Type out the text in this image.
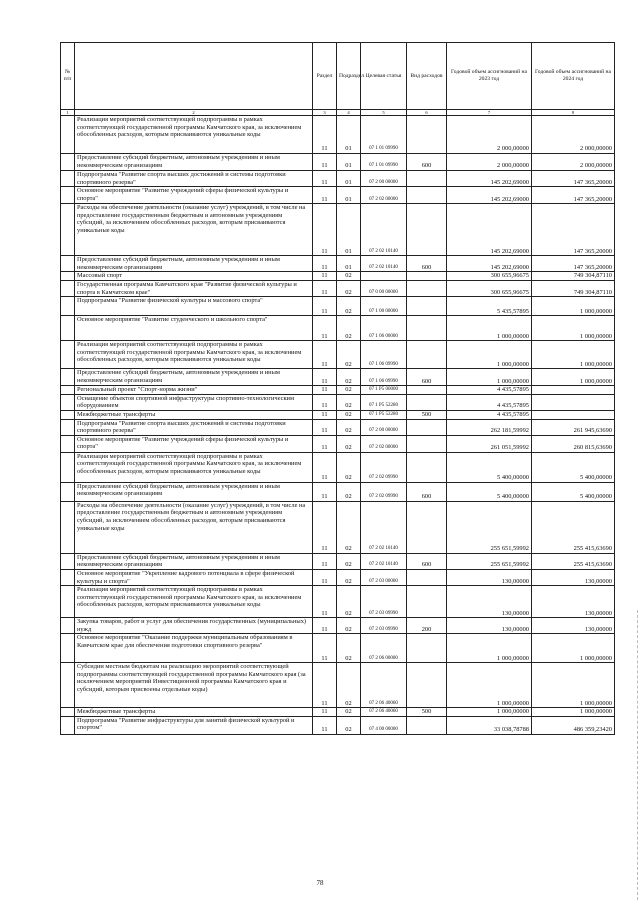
№ п/п		Раздел	Подраздел	Целевая статья	Вид расходов	Годовой объем ассигнований на 2023 год	Годовой объем ассигнований на 2024 год
1	2	3	4	5	6	7	8
	Реализация мероприятий соответствующей подпрограммы в рамках соответствующей государственной программы Камчатского края, за исключением обособленных расходов, которым присваиваются уникальные коды	11	01	07 1 01 09990		2 000,00000	2 000,00000
	Предоставление субсидий бюджетным, автономным учреждениям и иным некоммерческим организациям	11	01	07 1 01 09990	600	2 000,00000	2 000,00000
	Подпрограмма "Развитие спорта высших достижений и системы подготовки спортивного резерва"	11	01	07 2 00 00000		145 202,69000	147 365,20000
	Основное мероприятие "Развитие учреждений сферы физической культуры и спорта"	11	01	07 2 02 00000		145 202,69000	147 365,20000
	Расходы на обеспечение деятельности (оказание услуг) учреждений, в том числе на предоставление государственным бюджетным и автономным учреждениям субсидий, за исключением обособленных расходов, которым присваиваются уникальные коды	11	01	07 2 02 10140		145 202,69000	147 365,20000
	Предоставление субсидий бюджетным, автономным учреждениям и иным некоммерческим организациям	11	01	07 2 02 10140	600	145 202,69000	147 365,20000
	Массовый спорт	11	02			300 655,96675	749 304,87110
	Государственная программа Камчатского края "Развитие физической культуры и спорта в Камчатском крае"	11	02	07 0 00 00000		300 655,96675	749 304,87110
	Подпрограмма "Развитие физической культуры и массового спорта"	11	02	07 1 00 00000		5 435,57895	1 000,00000
	Основное мероприятие "Развитие студенческого и школьного спорта"	11	02	07 1 06 00000		1 000,00000	1 000,00000
	Реализация мероприятий соответствующей подпрограммы в рамках соответствующей государственной программы Камчатского края, за исключением обособленных расходов, которым присваиваются уникальные коды	11	02	07 1 06 09990		1 000,00000	1 000,00000
	Предоставление субсидий бюджетным, автономным учреждениям и иным некоммерческим организациям	11	02	07 1 06 09990	600	1 000,00000	1 000,00000
	Региональный проект "Спорт-норма жизни"	11	02	07 1 P5 00000		4 435,57895	
	Оснащение объектов спортивной инфраструктуры спортивно-технологическим оборудованием	11	02	07 1 P5 52280		4 435,57895	
	Межбюджетные трансферты	11	02	07 1 P5 52280	500	4 435,57895	
	Подпрограмма "Развитие спорта высших достижений и системы подготовки спортивного резерва"	11	02	07 2 00 00000		262 181,59992	261 945,63690
	Основное мероприятие "Развитие учреждений сферы физической культуры и спорта"	11	02	07 2 02 00000		261 051,59992	260 815,63690
	Реализация мероприятий соответствующей подпрограммы в рамках соответствующей государственной программы Камчатского края, за исключением обособленных расходов, которым присваиваются уникальные коды	11	02	07 2 02 09990		5 400,00000	5 400,00000
	Предоставление субсидий бюджетным, автономным учреждениям и иным некоммерческим организациям	11	02	07 2 02 09990	600	5 400,00000	5 400,00000
	Расходы на обеспечение деятельности (оказание услуг) учреждений, в том числе на предоставление государственным бюджетным и автономным учреждениям субсидий, за исключением обособленных расходов, которым присваиваются уникальные коды	11	02	07 2 02 10140		255 651,59992	255 415,63690
	Предоставление субсидий бюджетным, автономным учреждениям и иным некоммерческим организациям	11	02	07 2 02 10140	600	255 651,59992	255 415,63690
	Основное мероприятие "Укрепление кадрового потенциала в сфере физической культуры и спорта"	11	02	07 2 03 00000		130,00000	130,00000
	Реализация мероприятий соответствующей подпрограммы в рамках соответствующей государственной программы Камчатского края, за исключением обособленных расходов, которым присваиваются уникальные коды	11	02	07 2 03 09990		130,00000	130,00000
	Закупка товаров, работ и услуг для обеспечения государственных (муниципальных) нужд	11	02	07 2 03 09990	200	130,00000	130,00000
	Основное мероприятие "Оказание поддержки муниципальным образованиям в Камчатском крае для обеспечения подготовки спортивного резерва"	11	02	07 2 06 00000		1 000,00000	1 000,00000
	Субсидии местным бюджетам на реализацию мероприятий соответствующей подпрограммы соответствующей государственной программы Камчатского края (за исключением мероприятий Инвестиционной программы Камчатского края и субсидий, которым присвоены отдельные коды)	11	02	07 2 06 40060		1 000,00000	1 000,00000
	Межбюджетные трансферты	11	02	07 2 06 40060	500	1 000,00000	1 000,00000
	Подпрограмма "Развитие инфраструктуры для занятий физической культурой и спортом"	11	02	07 4 00 00000		33 038,78788	486 359,23420
78
